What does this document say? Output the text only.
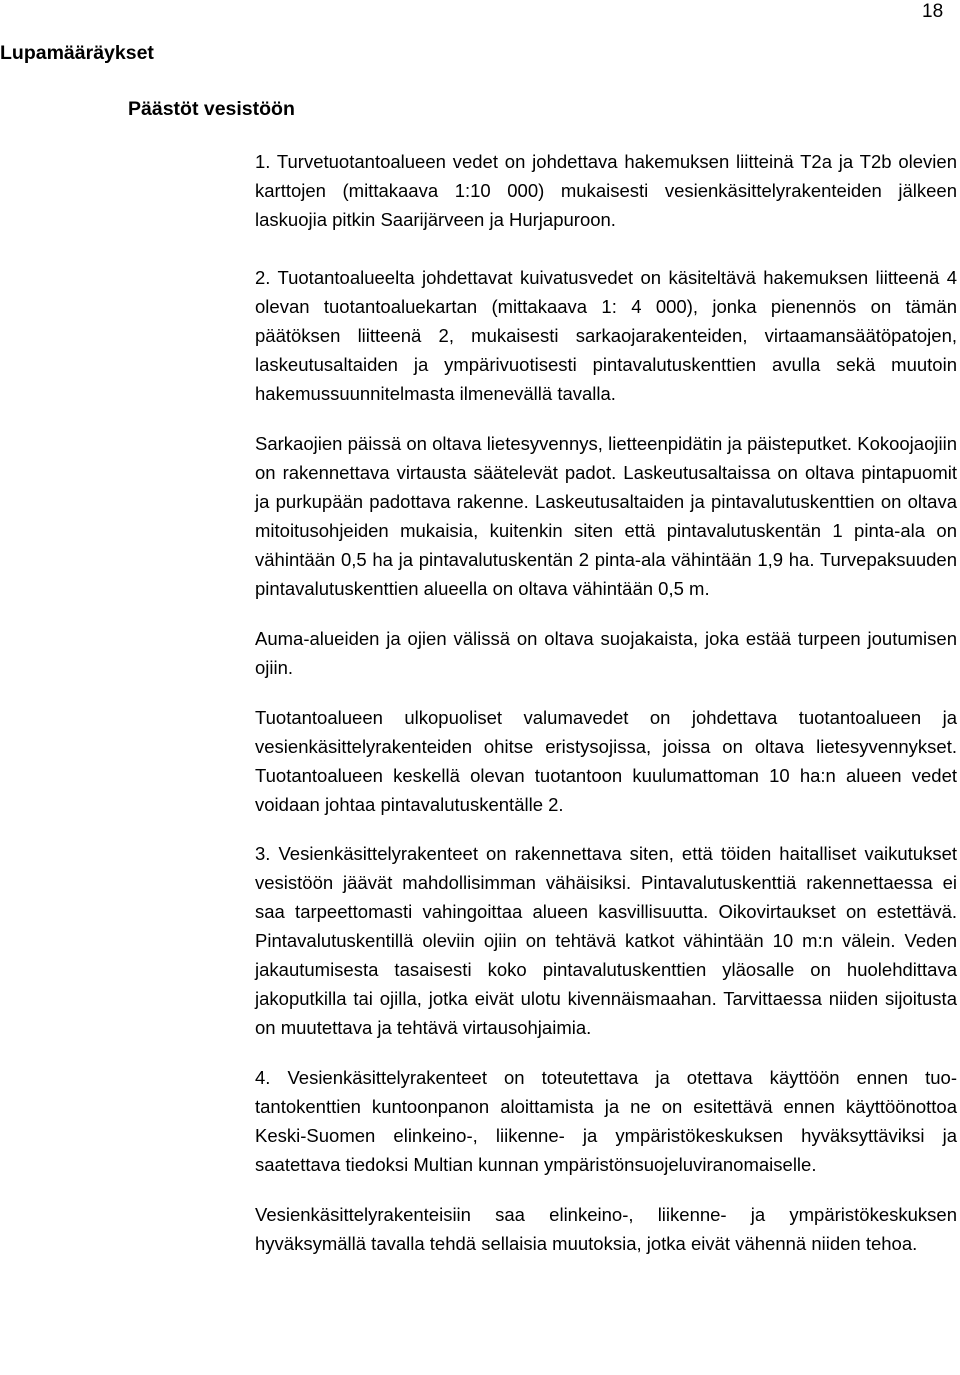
18
Lupamääräykset
Päästöt vesistöön

1. Turvetuotantoalueen vedet on johdettava hakemuksen liitteinä T2a ja T2b olevien karttojen (mittakaava 1:10 000) mukaisesti vesienkäsittelyrakenteiden jälkeen laskuojia pitkin Saarijärveen ja Hurjapuroon.

2. Tuotantoalueelta johdettavat kuivatusvedet on käsiteltävä hakemuksen liitteenä 4 olevan tuotantoaluekartan (mittakaava 1: 4 000), jonka pienennös on tämän päätöksen liitteenä 2, mukaisesti sarkaojarakenteiden, virtaamansäätöpatojen, laskeutusaltaiden ja ympärivuotisesti pintavalutuskenttien avulla sekä muutoin hakemussuunnitelmasta ilmenevällä tavalla.

Sarkaojien päissä on oltava lietesyvennys, lietteenpidätin ja päisteputket. Kokoojaojiin on rakennettava virtausta säätelevät padot. Laskeutusaltaissa on oltava pintapuomit ja purkupään padottava rakenne. Laskeutusaltaiden ja pintavalutuskenttien on oltava mitoitusohjeiden mukaisia, kuitenkin siten että pintavalutuskentän 1 pinta-ala on vähintään 0,5 ha ja pintavalutuskentän 2 pinta-ala vähintään 1,9 ha. Turvepaksuuden pintavalutuskenttien alueella on oltava vähintään 0,5 m.

Auma-alueiden ja ojien välissä on oltava suojakaista, joka estää turpeen joutumisen ojiin.

Tuotantoalueen ulkopuoliset valumavedet on johdettava tuotantoalueen ja vesienkäsittelyrakenteiden ohitse eristysojissa, joissa on oltava lietesyvennykset. Tuotantoalueen keskellä olevan tuotantoon kuulumattoman 10 ha:n alueen vedet voidaan johtaa pintavalutuskentälle 2.

3. Vesienkäsittelyrakenteet on rakennettava siten, että töiden haitalliset vaikutukset vesistöön jäävät mahdollisimman vähäisiksi. Pintavalutuskenttiä rakennettaessa ei saa tarpeettomasti vahingoittaa alueen kasvillisuutta. Oikovirtaukset on estettävä. Pintavalutuskentillä oleviin ojiin on tehtävä katkot vähintään 10 m:n välein. Veden jakautumisesta tasaisesti koko pintavalutuskenttien yläosalle on huolehdittava jakoputkilla tai ojilla, jotka eivät ulotu kivennäismaahan. Tarvittaessa niiden sijoitusta on muutettava ja tehtävä virtausohjaimia.

4. Vesienkäsittelyrakenteet on toteutettava ja otettava käyttöön ennen tuotantokenttien kuntoonpanon aloittamista ja ne on esitettävä ennen käyttöönottoa Keski-Suomen elinkeino-, liikenne- ja ympäristökeskuksen hyväksyttäviksi ja saatettava tiedoksi Multian kunnan ympäristönsuojeluviranomaiselle.

Vesienkäsittelyrakenteisiin saa elinkeino-, liikenne- ja ympäristökeskuksen hyväksymällä tavalla tehdä sellaisia muutoksia, jotka eivät vähennä niiden tehoa.
